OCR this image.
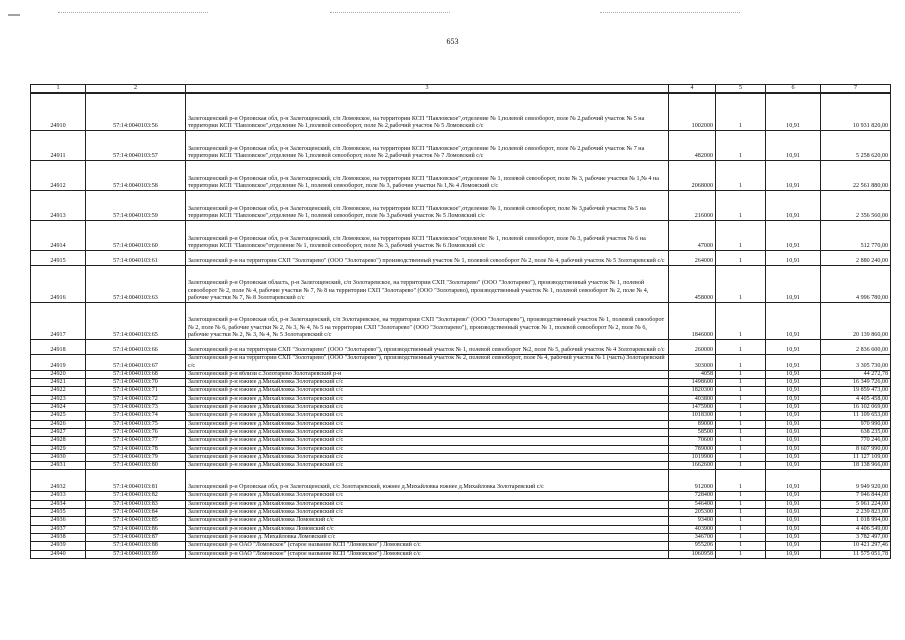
653
1	2	3	4	5	6	7
24910	57:14:0040103:56	Залегощенский р-н Орловская обл, р-н Залегощенский, с/п Ломовское, на территории КСП "Павловское",отделение № 1,полевой севооборот, поле № 2,рабочий участок № 5 на территории КСП "Павловское",отделение № 1,полевой севооборот, поле № 2,рабочий участок № 5 Ломовский с/с	1002000	1	10,91	10 931 820,00
24911	57:14:0040103:57	Залегощенский р-н Орловская обл, р-н Залегощенский, с/п Ломовское, на территории КСП "Павловское",отделение № 1,полевой севооборот, поле № 2,рабочий участок № 7 на территории КСП "Павловское",отделение № 1,полевой севооборот, поле № 2,рабочий участок № 7 Ломовский с/с	482000	1	10,91	5 258 620,00
24912	57:14:0040103:58	Залегощенский р-н Орловская обл, р-н Залегощенский, с/п Ломовское, на территории КСП "Павловское",отделение № 1, полевой севооборот, поле № 3, рабочие участки № 1,№ 4 на территории КСП "Павловское",отделение № 1, полевой севооборот, поле № 3, рабочие участки № 1,№ 4 Ломовский с/с	2068000	1	10,91	22 561 880,00
24913	57:14:0040103:59	Залегощенский р-н Орловская обл, р-н Залегощенский, с/п Ломовское, на территории КСП "Павловское",отделение № 1, полевой севооборот, поле № 3,рабочий участок № 5 на территории КСП "Павловское",отделение № 1, полевой севооборот, поле № 3,рабочий участок № 5 Ломовский с/с	216000	1	10,91	2 356 560,00
24914	57:14:0040103:60	Залегощенский р-н Орловская обл, р-н Залегощенский, с/п Ломовское, на территории КСП "Павловское"отделение № 1, полевой севооборот, поле № 3, рабочий участок № 6 на территории КСП "Павловское"отделение № 1, полевой севооборот, поле № 3, рабочий участок № 6 Ломовский с/с	47000	1	10,91	512 770,00
24915	57:14:0040103:61	Залегощенский р-н на территории СХП "Золотарево" (ООО "Золотарево") производственный участок № 1, полевой севооборот № 2, поле № 4, рабочий участок № 5 Золотаревский с/с	264000	1	10,91	2 880 240,00
24916	57:14:0040103:63	Залегощенский р-н Орловская область, р-н Залегощенский, с/п Золотаревское, на территории СХП "Золотарево" (ООО "Золотарево"), производственный участок № 1, полевой севооборот № 2, поле № 4, рабочие участки № 7, № 8 на территории СХП "Золотарево" (ООО "Золотарево), производственный участок № 1, полевой севооборот № 2, поле № 4, рабочие участки № 7, № 8 Золотаревский с/с	458000	1	10,91	4 996 780,00
24917	57:14:0040103:65	Залегощенский р-н Орловская обл, р-н Залегощенский, с/п Золотаревское, на территории СХП "Золотарево" (ООО "Золотарево"), производственный участок № 1, полевой севооборот № 2, поле № 6, рабочие участки № 2, № 3, № 4, № 5 на территории СХП "Золотарево" (ООО "Золотарево"), производственный участок № 1, полевой севооборот № 2, поле № 6, рабочие участки № 2, № 3, № 4, № 5 Золотаревский с/с	1846000	1	10,91	20 139 860,00
24918	57:14:0040103:66	Залегощенский р-н на территории СХП "Золотарево" (ООО "Золотарево"), производственный участок № 1, полевой севооборот №2, поле № 5, рабочий участок № 4 Золотаревский с/с	260000	1	10,91	2 836 600,00
24919	57:14:0040103:67	Залегощенский р-н на территории СХП "Золотарево" (ООО "Золотарево"), производственный участок № 2, полевой севооборот, поле № 4, рабочий участок № 1 (часть) Золотаревский с/с	303000	1	10,91	3 305 730,00
24920	57:14:0040103:68	Залегощенский р-н вблизи с.Золотарево Золотаревский р-н	4058	1	10,91	44 272,78
24921	57:14:0040103:70	Залегощенский р-н южнее д.Михайловка Золотаревский с/с	1498600	1	10,91	16 349 726,00
24922	57:14:0040103:71	Залегощенский р-н южнее д.Михайловка Золотаревский с/с	1820300	1	10,91	19 859 473,00
24923	57:14:0040103:72	Залегощенский р-н южнее д.Михайловка Золотаревский с/с	403800	1	10,91	4 405 458,00
24924	57:14:0040103:73	Залегощенский р-н южнее д.Михайловка Золотаревский с/с	1475900	1	10,91	16 102 069,00
24925	57:14:0040103:74	Залегощенский р-н южнее д.Михайловка Золотаревский с/с	1018300	1	10,91	11 109 653,00
24926	57:14:0040103:75	Залегощенский р-н южнее д.Михайловка Золотаревский с/с	89000	1	10,91	970 990,00
24927	57:14:0040103:76	Залегощенский р-н южнее д.Михайловка Золотаревский с/с	58500	1	10,91	638 235,00
24928	57:14:0040103:77	Залегощенский р-н южнее д.Михайловка Золотаревский с/с	70600	1	10,91	770 246,00
24929	57:14:0040103:78	Залегощенский р-н южнее д.Михайловка Золотаревский с/с	789000	1	10,91	8 607 990,00
24930	57:14:0040103:79	Залегощенский р-н южнее д.Михайловка Золотаревский с/с	1019900	1	10,91	11 127 109,00
24931	57:14:0040103:80	Залегощенский р-н южнее д.Михайловка Золотаревский с/с	1662600	1	10,91	18 138 966,00
24932	57:14:0040103:81	Залегощенский р-н Орловская обл, р-н Залегощенский, с/с Золотаревский, южнее д.Михайловка южнее д.Михайловка Золотаревский с/с	912000	1	10,91	9 949 920,00
24933	57:14:0040103:82	Залегощенский р-н южнее д.Михайловка Золотаревский с/с	728400	1	10,91	7 946 844,00
24934	57:14:0040103:83	Залегощенский р-н южнее д.Михайловка Золотаревский с/с	546400	1	10,91	5 961 224,00
24935	57:14:0040103:84	Залегощенский р-н южнее д.Михайловка Золотаревский с/с	205300	1	10,91	2 239 823,00
24936	57:14:0040103:85	Залегощенский р-н южнее д.Михайловка Ломовский с/с	93400	1	10,91	1 018 994,00
24937	57:14:0040103:86	Залегощенский р-н южнее д.Михайловка Ломовский с/с	403900	1	10,91	4 406 549,00
24938	57:14:0040103:87	Залегощенский р-н южнее д. Михайловка Ломовский с/с	346700	1	10,91	3 782 497,00
24939	57:14:0040103:88	Залегощенский р-н ОАО "Ломовское" (старое название КСП "Ломовское") Ломовский с/с	955206	1	10,91	10 421 297,46
24940	57:14:0040103:89	Залегощенский р-н ОАО "Ломовское" (старое название КСП "Ломовское") Ломовский с/с	1060958	1	10,91	11 575 051,78
